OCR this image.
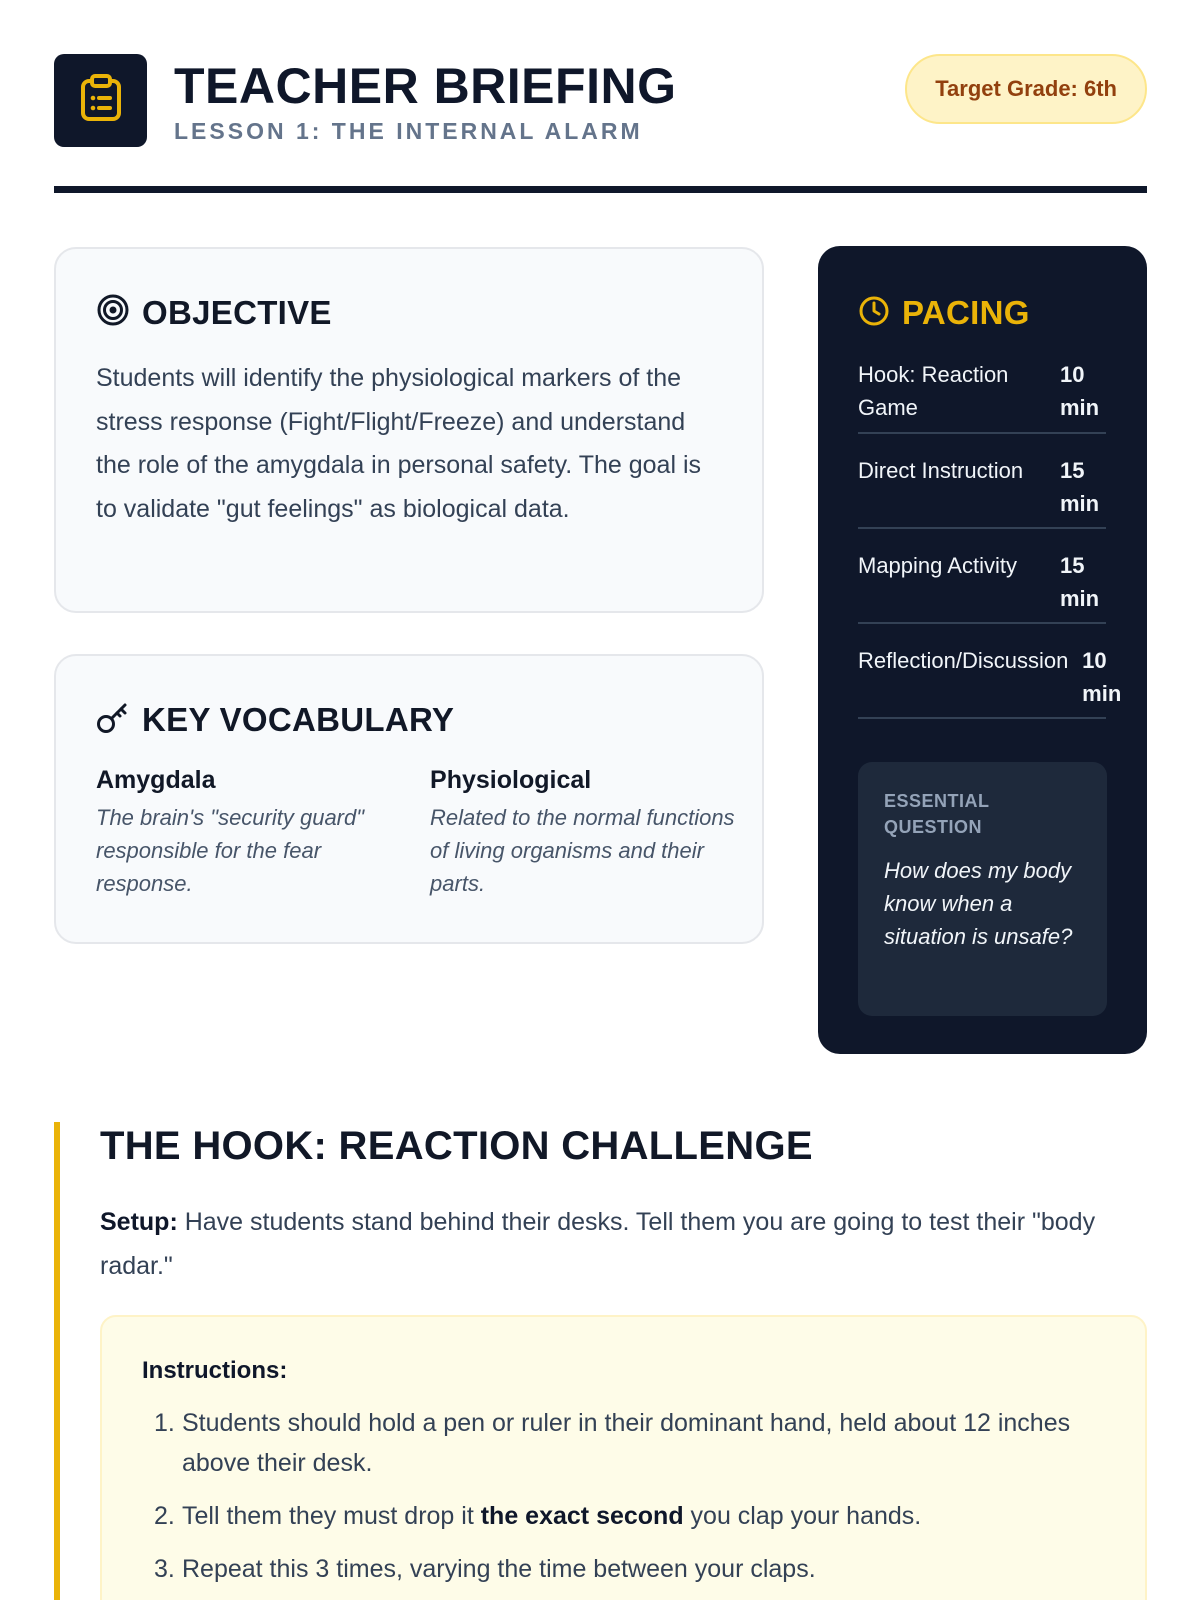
TEACHER BRIEFING
LESSON 1: THE INTERNAL ALARM
Target Grade: 6th
OBJECTIVE

Students will identify the physiological markers of the stress response (Fight/Flight/Freeze) and understand the role of the amygdala in personal safety. The goal is to validate "gut feelings" as biological data.

KEY VOCABULARY
Amygdala
The brain's "security guard" responsible for the fear response.
Physiological
Related to the normal functions of living organisms and their parts.
PACING
Hook: Reaction Game
10 min
Direct Instruction 15 min
Mapping Activity	15 min
Reflection/Discussion 10 min
ESSENTIAL QUESTION
How does my body know when a situation is unsafe?
THE HOOK: REACTION CHALLENGE

Setup: Have students stand behind their desks. Tell them you are going to test their "body radar."

Instructions:
1. Students should hold a pen or ruler in their dominant hand, held about 12 inches above their desk.
2. Tell them they must drop it the exact second you clap your hands.
3. Repeat this 3 times, varying the time between your claps.
